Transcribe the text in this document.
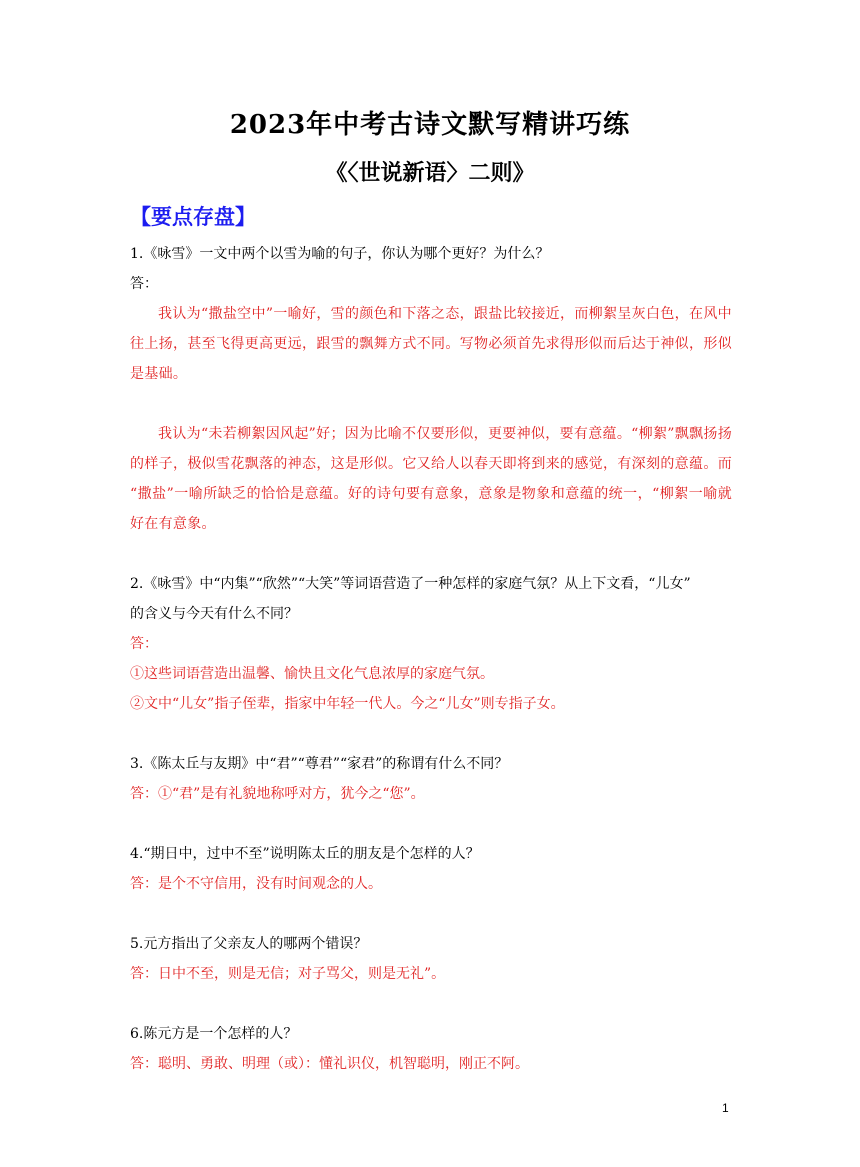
2023年中考古诗文默写精讲巧练
《〈世说新语〉二则》
【要点存盘】
1.《咏雪》一文中两个以雪为喻的句子，你认为哪个更好？为什么？
答：
我认为“撒盐空中”一喻好，雪的颜色和下落之态，跟盐比较接近，而柳絮呈灰白色，在风中往上扬，甚至飞得更高更远，跟雪的飘舞方式不同。写物必须首先求得形似而后达于神似，形似是基础。
我认为“未若柳絮因风起”好；因为比喻不仅要形似，更要神似，要有意蕴。“柳絮”飘飘扬扬的样子，极似雪花飘落的神态，这是形似。它又给人以春天即将到来的感觉，有深刻的意蕴。而 “撒盐”一喻所缺乏的恰恰是意蕴。好的诗句要有意象，意象是物象和意蕴的统一，“柳絮一喻就好在有意象。
2.《咏雪》中“内集”“欣然”“大笑”等词语营造了一种怎样的家庭气氛？从上下文看，“儿女”
的含义与今天有什么不同？
答：
①这些词语营造出温馨、愉快且文化气息浓厚的家庭气氛。
②文中“儿女”指子侄辈，指家中年轻一代人。今之“儿女”则专指子女。
3.《陈太丘与友期》中“君”“尊君”“家君”的称谓有什么不同？
答：①“君”是有礼貌地称呼对方，犹今之“您”。
4.“期日中，过中不至”说明陈太丘的朋友是个怎样的人？
答：是个不守信用，没有时间观念的人。
5.元方指出了父亲友人的哪两个错误？
答：日中不至，则是无信；对子骂父，则是无礼”。
6.陈元方是一个怎样的人？
答：聪明、勇敢、明理（或）：懂礼识仪，机智聪明，刚正不阿。
1
